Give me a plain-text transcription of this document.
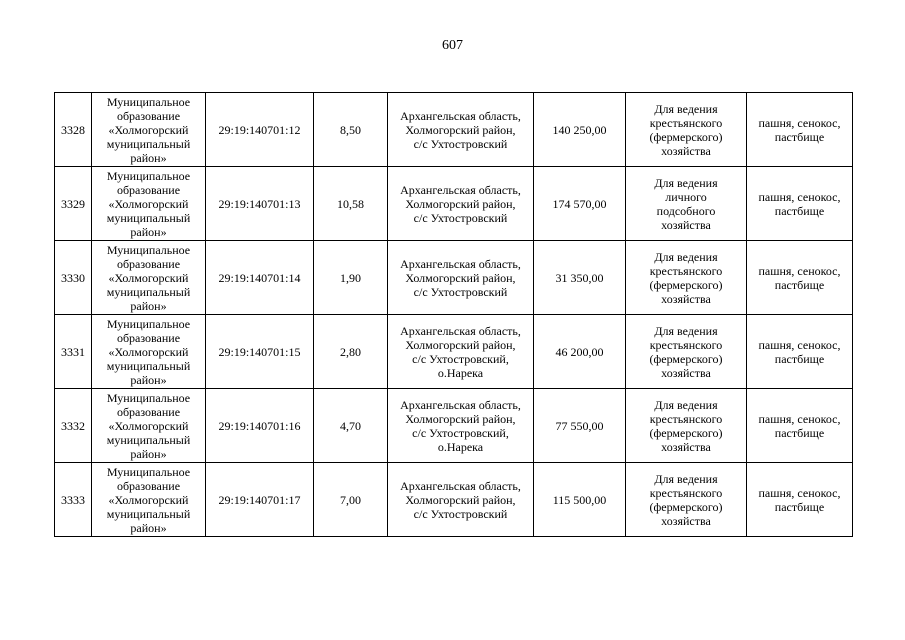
607
3328	Муниципальное
образование
«Холмогорский
муниципальный
район»	29:19:140701:12	8,50	Архангельская область,
Холмогорский район,
с/с Ухтостровский	140 250,00	Для ведения
крестьянского
(фермерского)
хозяйства	пашня, сенокос,
пастбище
3329	Муниципальное
образование
«Холмогорский
муниципальный
район»	29:19:140701:13	10,58	Архангельская область,
Холмогорский район,
с/с Ухтостровский	174 570,00	Для ведения
личного
подсобного
хозяйства	пашня, сенокос,
пастбище
3330	Муниципальное
образование
«Холмогорский
муниципальный
район»	29:19:140701:14	1,90	Архангельская область,
Холмогорский район,
с/с Ухтостровский	31 350,00	Для ведения
крестьянского
(фермерского)
хозяйства	пашня, сенокос,
пастбище
3331	Муниципальное
образование
«Холмогорский
муниципальный
район»	29:19:140701:15	2,80	Архангельская область,
Холмогорский район,
с/с Ухтостровский,
о.Нарека	46 200,00	Для ведения
крестьянского
(фермерского)
хозяйства	пашня, сенокос,
пастбище
3332	Муниципальное
образование
«Холмогорский
муниципальный
район»	29:19:140701:16	4,70	Архангельская область,
Холмогорский район,
с/с Ухтостровский,
о.Нарека	77 550,00	Для ведения
крестьянского
(фермерского)
хозяйства	пашня, сенокос,
пастбище
3333	Муниципальное
образование
«Холмогорский
муниципальный
район»	29:19:140701:17	7,00	Архангельская область,
Холмогорский район,
с/с Ухтостровский	115 500,00	Для ведения
крестьянского
(фермерского)
хозяйства	пашня, сенокос,
пастбище
